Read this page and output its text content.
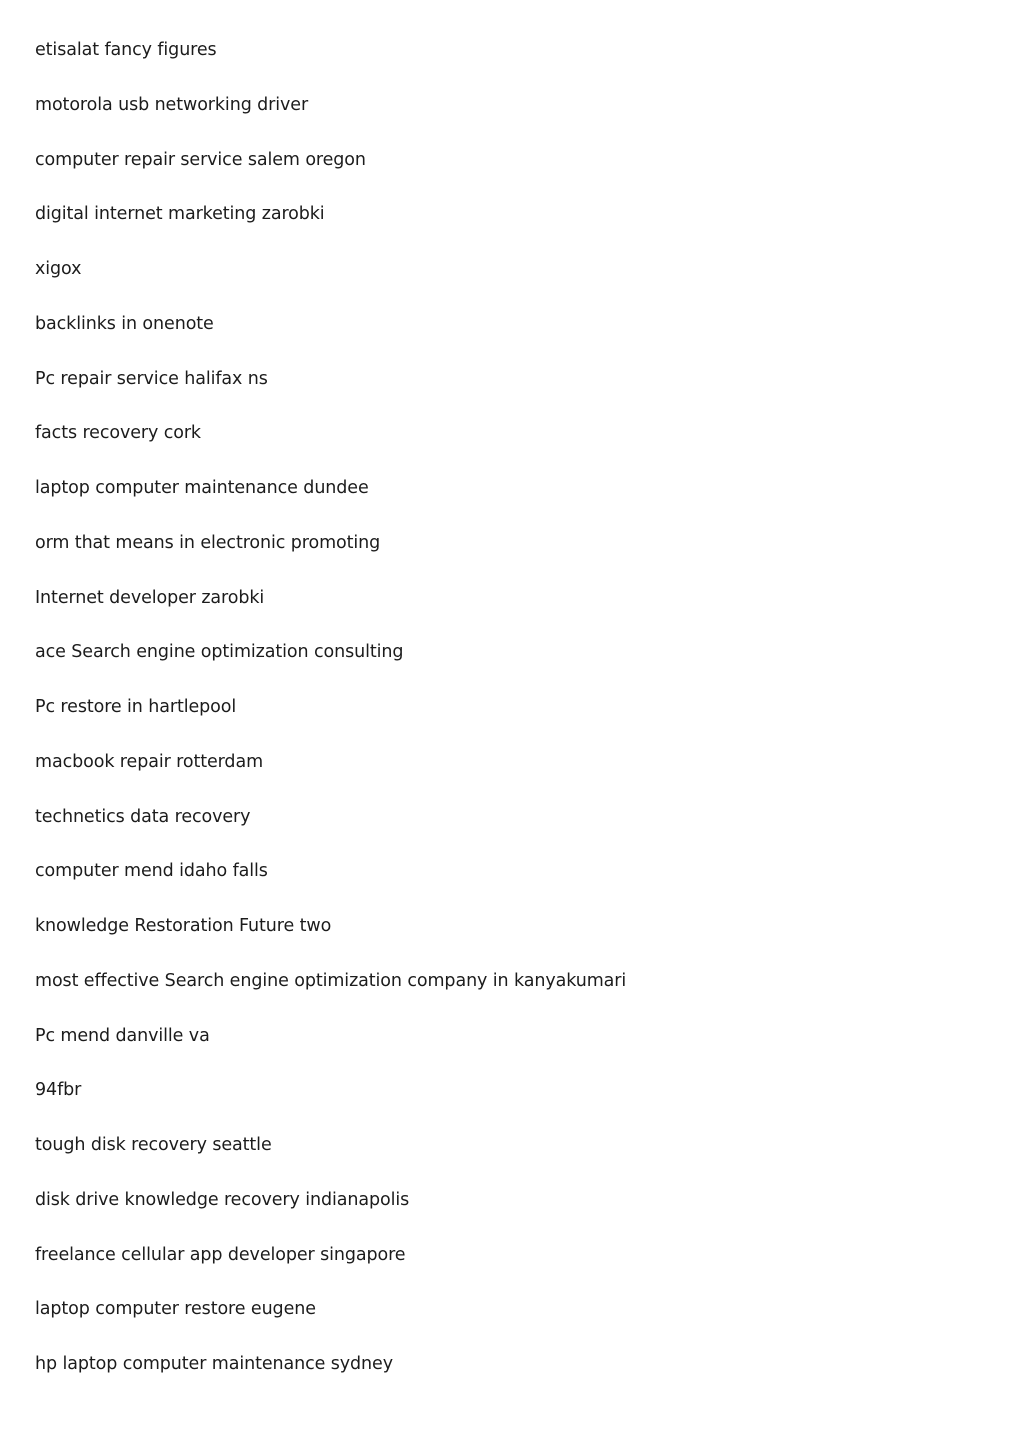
etisalat fancy figures
motorola usb networking driver
computer repair service salem oregon
digital internet marketing zarobki
xigox
backlinks in onenote
Pc repair service halifax ns
facts recovery cork
laptop computer maintenance dundee
orm that means in electronic promoting
Internet developer zarobki
ace Search engine optimization consulting
Pc restore in hartlepool
macbook repair rotterdam
technetics data recovery
computer mend idaho falls
knowledge Restoration Future two
most effective Search engine optimization company in kanyakumari
Pc mend danville va
94fbr
tough disk recovery seattle
disk drive knowledge recovery indianapolis
freelance cellular app developer singapore
laptop computer restore eugene
hp laptop computer maintenance sydney
